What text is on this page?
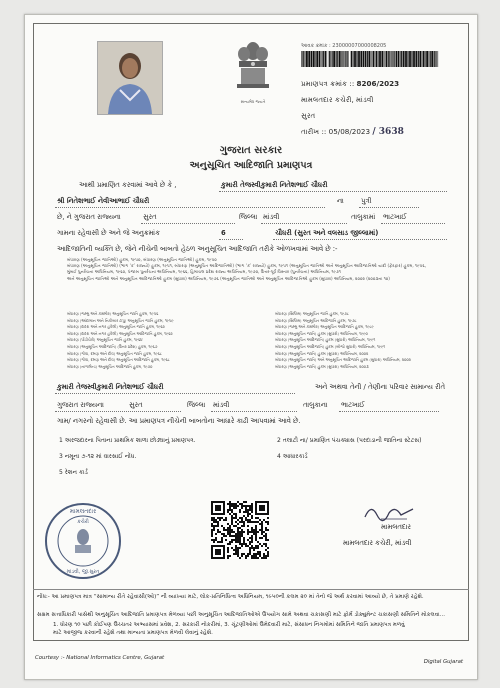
સત્યમેવ જયતે
આવક ક્રમાંક : 23000007000008205
પ્રમાણપત્ર ક્રમાંક :: 8206/2023
મામલતદાર કચેરી, માંડવી
સુરત
તારીખ :: 05/08/2023 / 3638
ગુજરાત સરકાર
અનુસૂચિત આદિજાતિ પ્રમાણપત્ર
આથી પ્રમાણિત કરવામાં આવે છે કે ,	કુમારી તેજસ્વીકુમારી નિતેશભાઈ ચૌધરી
શ્રી નિતેશભાઈ નેવીઆભાઈ ચૌધરી	ના	પુત્રી
છે, ને ગુજરાત રાજ્યના	સુરત	જિલ્લા માંડવી	તાલુકામાં ભાટખાઈ
ગામના રહેવાસી છે અને જે અનુક્રમાંક	6	ચૌધરી (સુરત અને વલસાડ જીલ્લામાં)
આદિજાતિની વ્યક્તિ છે, જેને નીચેની બાબતો હેઠળ અનુસૂચિત આદિજાતિ તરીકે ઓળખવામાં આવે છે :-
બંધારણ (અનુસૂચિત જાતિઓ) હુકમ, ૧૯૫૦, બંધારણ (અનુસૂચિત જાતિઓ) હુકમ, ૧૯૫૦
બંધારણ (અનુસૂચિત જાતિઓ) (ભાગ ‘ક’ રાજ્યો) હુકમ, ૧૯૫૧, બંધારણ (અનુસૂચિત આદિજાતિઓ) (ભાગ ‘ક’ રાજ્યો) હુકમ, ૧૯૫૧ (અનુસૂચિત જાતિઓ અને અનુસૂચિત આદિજાતિઓ યાદી (ફેરફાર) હુકમ, ૧૯૫૬,
મુંબઈ પુનર્રચના અધિનિયમ, ૧૯૬૦, પંજાબ પુનર્રચના અધિનિયમ, ૧૯૬૬, હિમાચલ પ્રદેશ રાજ્ય અધિનિયમ, ૧૯૭૦, ઉત્તર-પૂર્વ વિસ્તાર (પુનર્રચના) અધિનિયમ, ૧૯૭૧
અને અનુસૂચિત જાતિઓ અને અનુસૂચિત આદિજાતિઓ હુકમ (સુધારા) અધિનિયમ, ૧૯૭૬ (અનુસૂચિત જાતિઓ અને અનુસૂચિત આદિજાતિઓ હુકમ (સુધારા) અધિનિયમ, ૨૦૦૨ (૨૦૦૩ના ૧૦)
બંધારણ (જમ્મુ અને કાશ્મીર) અનુસૂચિત જાતિ હુકમ, ૧૯૫૬
બંધારણ (આંદામાન અને નિકોબાર ટાપુ) અનુસૂચિત જાતિ હુકમ, ૧૯૫૯
બંધારણ (દાદરા અને નગર હવેલી) અનુસૂચિત જાતિ હુકમ, ૧૯૬૨
બંધારણ (દાદરા અને નગર હવેલી) અનુસૂચિત આદિજાતિ હુકમ, ૧૯૬૨
બંધારણ (પોંડીચેરી) અનુસૂચિત જાતિ હુકમ, ૧૯૬૪
બંધારણ (અનુસૂચિત આદિજાતિ) (ઉત્તર પ્રદેશ) હુકમ, ૧૯૬૭
બંધારણ (ગોવા, દમણ અને દીવ) અનુસૂચિત જાતિ હુકમ, ૧૯૬૮
બંધારણ (ગોવા, દમણ અને દીવ) અનુસૂચિત આદિજાતિ હુકમ, ૧૯૬૮
બંધારણ (નાગાલેન્ડ) અનુસૂચિત આદિજાતિ હુકમ, ૧૯૭૦
બંધારણ (સિક્કિમ) અનુસૂચિત જાતિ હુકમ, ૧૯૭૮
બંધારણ (સિક્કિમ) અનુસૂચિત આદિજાતિ હુકમ, ૧૯૭૮
બંધારણ (જમ્મુ અને કાશ્મીર) અનુસૂચિત આદિજાતિ હુકમ, ૧૯૮૯
બંધારણ (અનુસૂચિત જાતિ) હુકમ (સુધારો) અધિનિયમ, ૧૯૯૦
બંધારણ (અનુસૂચિત આદિજાતિ) હુકમ (સુધારો) અધિનિયમ, ૧૯૯૧
બંધારણ (અનુસૂચિત આદિજાતિ) હુકમ (બીજો સુધારો) અધિનિયમ, ૧૯૯૧
બંધારણ (અનુસૂચિત જાતિ) હુકમ (સુધારા) અધિનિયમ, ૨૦૦૨
બંધારણ (અનુસૂચિત જાતિ) અને અનુસૂચિત આદિજાતિ હુકમ (સુધારા) અધિનિયમ, ૨૦૦૨
બંધારણ (અનુસૂચિત જાતિ) હુકમ (સુધારા) અધિનિયમ, ૨૦૦૩
કુમારી તેજસ્વીકુમારી નિતેશભાઈ ચૌધરી	અને અથવા તેની / તેણીના પરિવાર સામાન્ય રીતે
ગુજરાત રાજ્યના	સુરત	જિલ્લા માંડવી	તાલુકાના ભાટખાઈ
ગામ/ નગરનો રહેવાસી છે. આ પ્રમાણપત્ર નીચેની બાબતોના આધારે કાઢી આપવામાં આવે છે.
1 અરજદારના પિતાના પ્રાથમિક શાળા છોડ્યાનું પ્રમાણપત્ર.	2 તલાટી ના/ પ્રમાણિત પંચક્યાસ (પરદાડાની જાતિના સ્ટેટસ)
3 નમૂના ૭-૧૨ માં વારસાઈ નોંધ.	4 આધારકાર્ડ
5 રેશન કાર્ડ
મામલતદાર
કચેરી
માંડવી, જી.સુરત
મામલતદાર
મામલતદાર કચેરી, માંડવી
નોંધ:- આ પ્રમાણપત્ર માત્ર “સામાન્ય રીતે રહેવાસી(ઓ)” ની વ્યાખ્યા માટે, લોક-પ્રતિનિધિત્વ અધિનિયમ, ૧૯૫૦ની કલમ ૨૦ માં તેનો જે અર્થ કરવામાં આવ્યો છે, તે પ્રમાણે રહેશે.
સક્ષમ સત્તાધિકારી પાસેથી અનુસૂચિત આદિજાતિ પ્રમાણપત્ર મેળવ્યા પછી અનુસૂચિત આદિજાતિઓએ ઉપયોગ સામે અથવા ચકાસણી માટે ફોર્મ ડોક્યુમેન્ટ ચકાસણી સમિતિને મોકલવા...
1. ધોરણ ૧૦ પછી કોઈપણ ઉચ્ચતર અભ્યાસમાં પ્રવેશ, 2. સરકારી નોકરીમાં, 3. ચૂંટણીઓમાં ઉમેદવારી માટે, સંસાધન નિગમોમાં સમિતિને જાતિ પ્રમાણપત્ર મળવું
માટે આજીજ કરવાની રહેશે તથા માન્યતા પ્રમાણપત્ર મેળવી લેવાનું રહેશે.
Courtesy :- National Informatics Centre, Gujarat
Digital Gujarat
